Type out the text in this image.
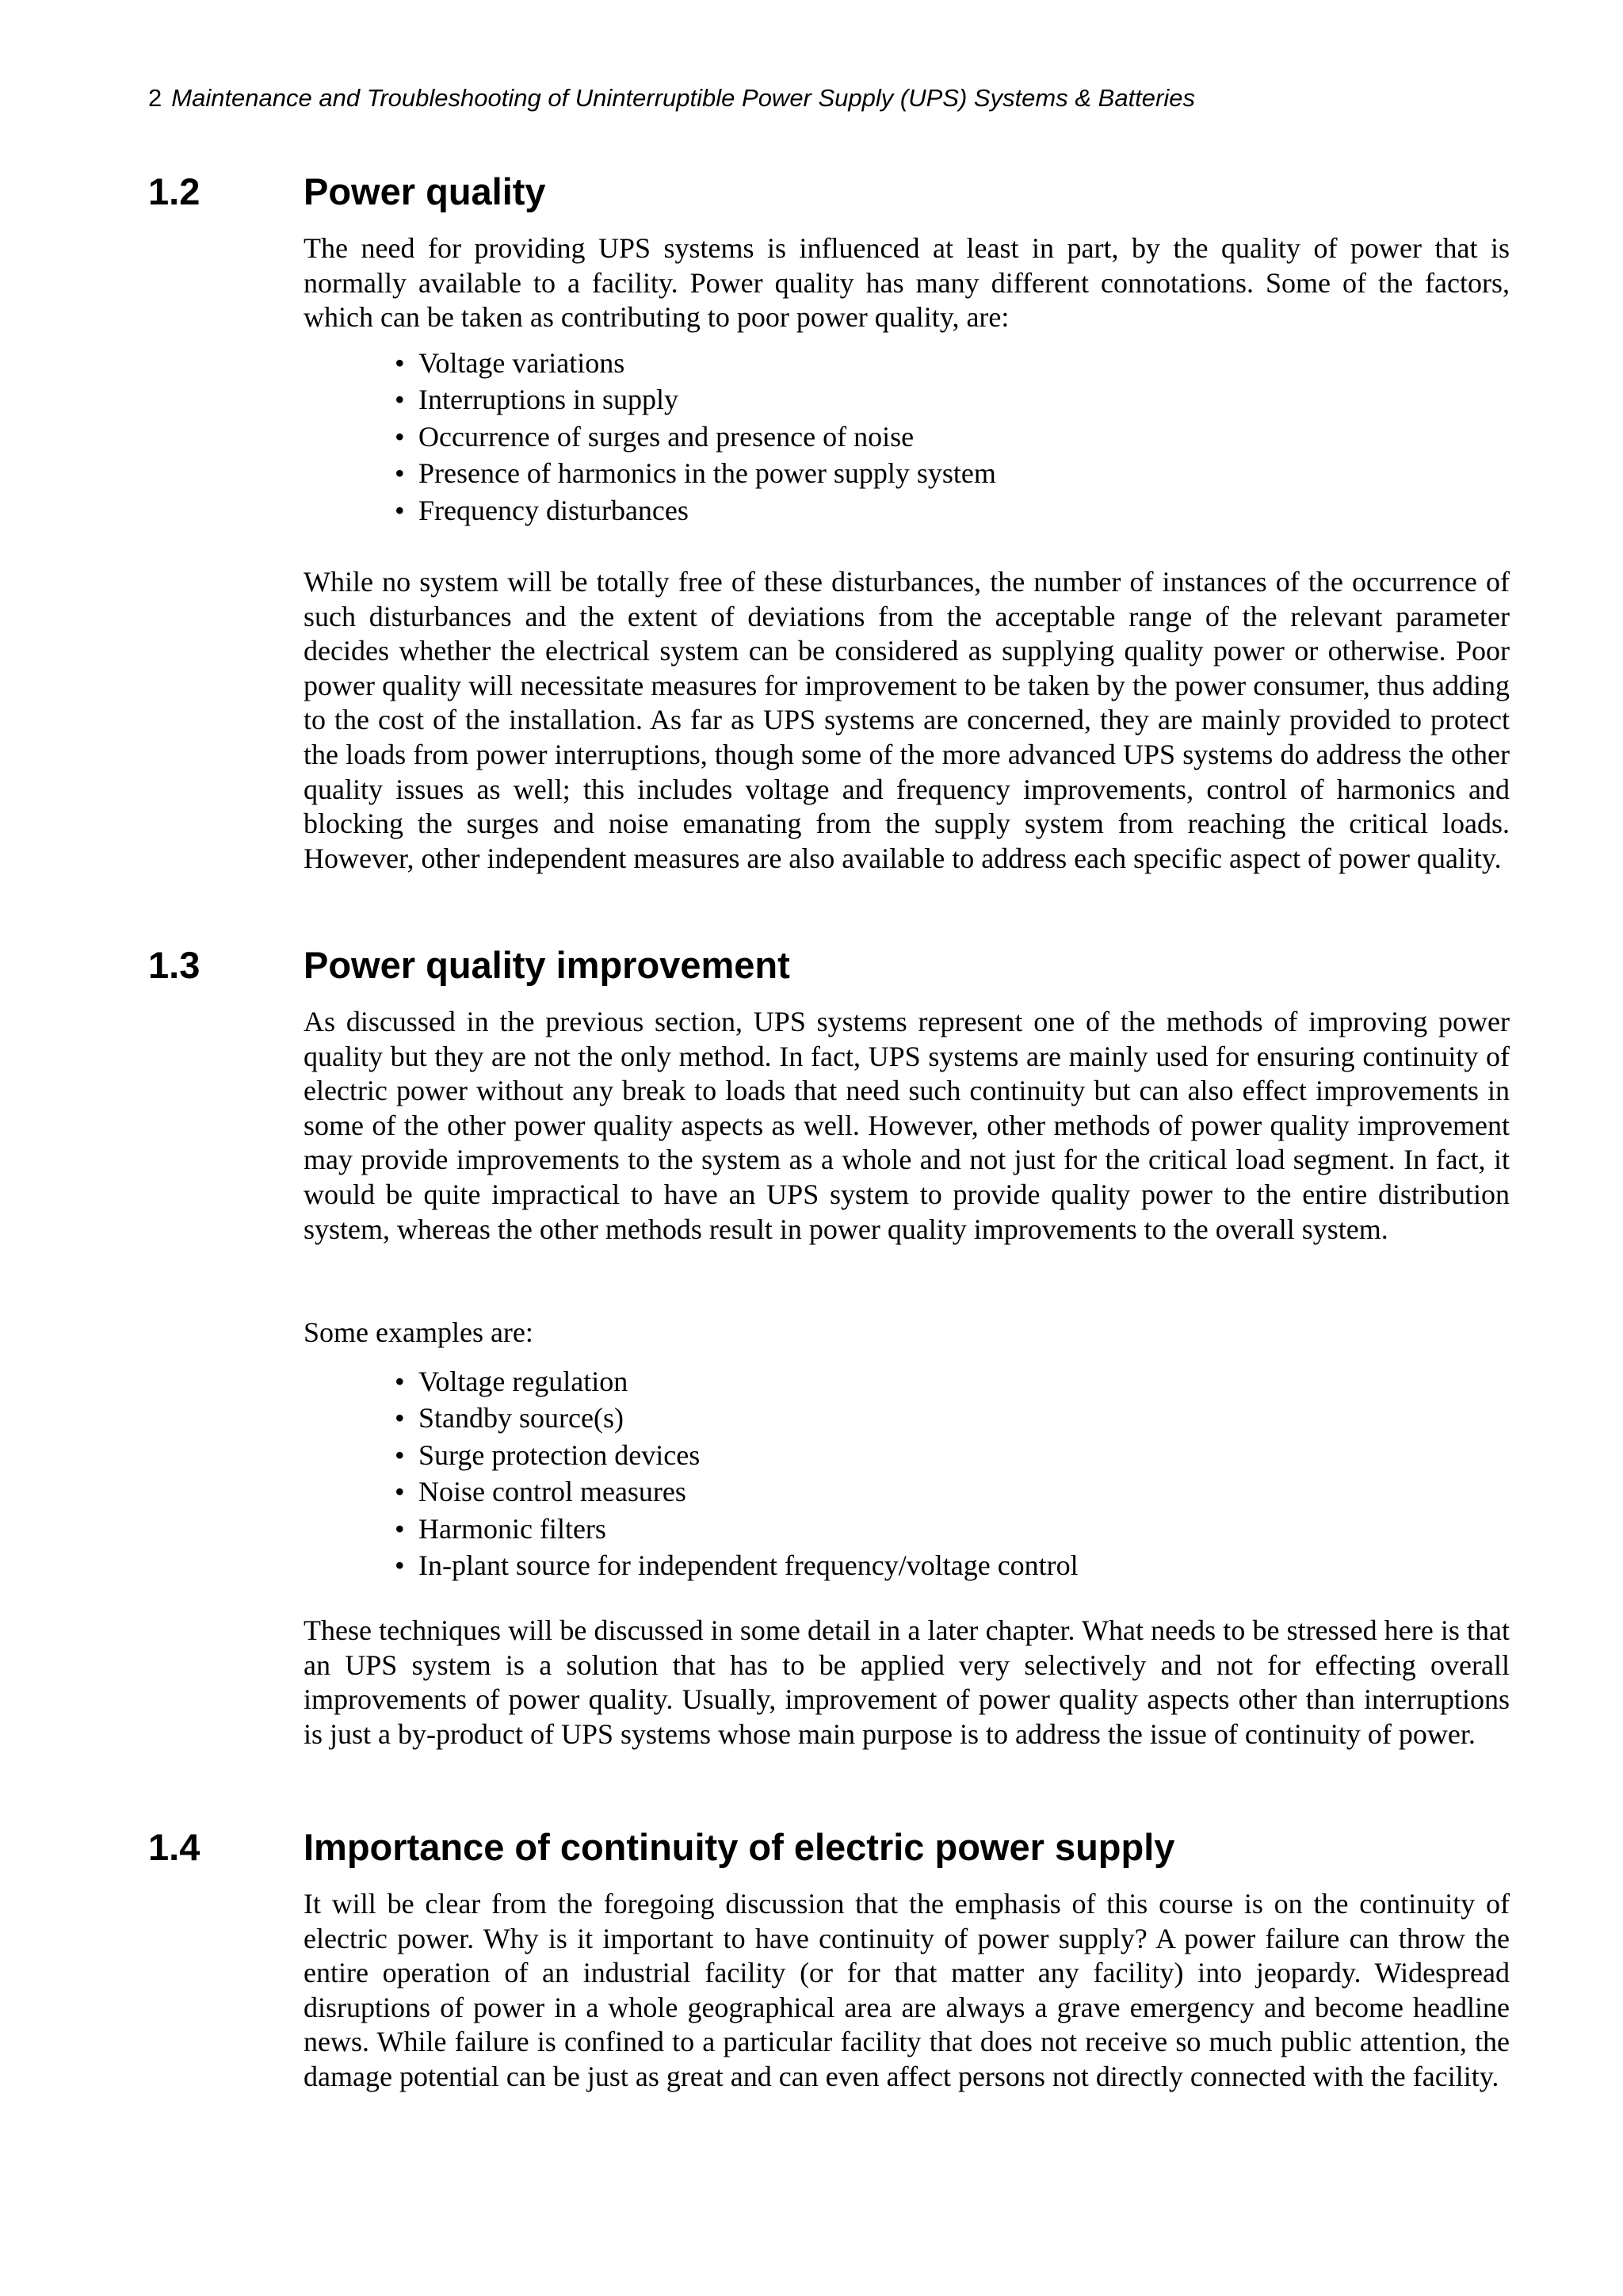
2 Maintenance and Troubleshooting of Uninterruptible Power Supply (UPS) Systems & Batteries
1.2	Power quality

The need for providing UPS systems is influenced at least in part, by the quality of power that is normally available to a facility. Power quality has many different connotations. Some of the factors, which can be taken as contributing to poor power quality, are:

• Voltage variations
• Interruptions in supply
• Occurrence of surges and presence of noise
• Presence of harmonics in the power supply system
• Frequency disturbances

While no system will be totally free of these disturbances, the number of instances of the occurrence of such disturbances and the extent of deviations from the acceptable range of the relevant parameter decides whether the electrical system can be considered as supplying quality power or otherwise. Poor power quality will necessitate measures for improvement to be taken by the power consumer, thus adding to the cost of the installation. As far as UPS systems are concerned, they are mainly provided to protect the loads from power interruptions, though some of the more advanced UPS systems do address the other quality issues as well; this includes voltage and frequency improvements, control of harmonics and blocking the surges and noise emanating from the supply system from reaching the critical loads. However, other independent measures are also available to address each specific aspect of power quality.

1.3	Power quality improvement

As discussed in the previous section, UPS systems represent one of the methods of improving power quality but they are not the only method. In fact, UPS systems are mainly used for ensuring continuity of electric power without any break to loads that need such continuity but can also effect improvements in some of the other power quality aspects as well. However, other methods of power quality improvement may provide improvements to the system as a whole and not just for the critical load segment. In fact, it would be quite impractical to have an UPS system to provide quality power to the entire distribution system, whereas the other methods result in power quality improvements to the overall system.

Some examples are:

• Voltage regulation
• Standby source(s)
• Surge protection devices
• Noise control measures
• Harmonic filters
• In-plant source for independent frequency/voltage control

These techniques will be discussed in some detail in a later chapter. What needs to be stressed here is that an UPS system is a solution that has to be applied very selectively and not for effecting overall improvements of power quality. Usually, improvement of power quality aspects other than interruptions is just a by-product of UPS systems whose main purpose is to address the issue of continuity of power.

1.4	Importance of continuity of electric power supply

It will be clear from the foregoing discussion that the emphasis of this course is on the continuity of electric power. Why is it important to have continuity of power supply? A power failure can throw the entire operation of an industrial facility (or for that matter any facility) into jeopardy. Widespread disruptions of power in a whole geographical area are always a grave emergency and become headline news. While failure is confined to a particular facility that does not receive so much public attention, the damage potential can be just as great and can even affect persons not directly connected with the facility.
